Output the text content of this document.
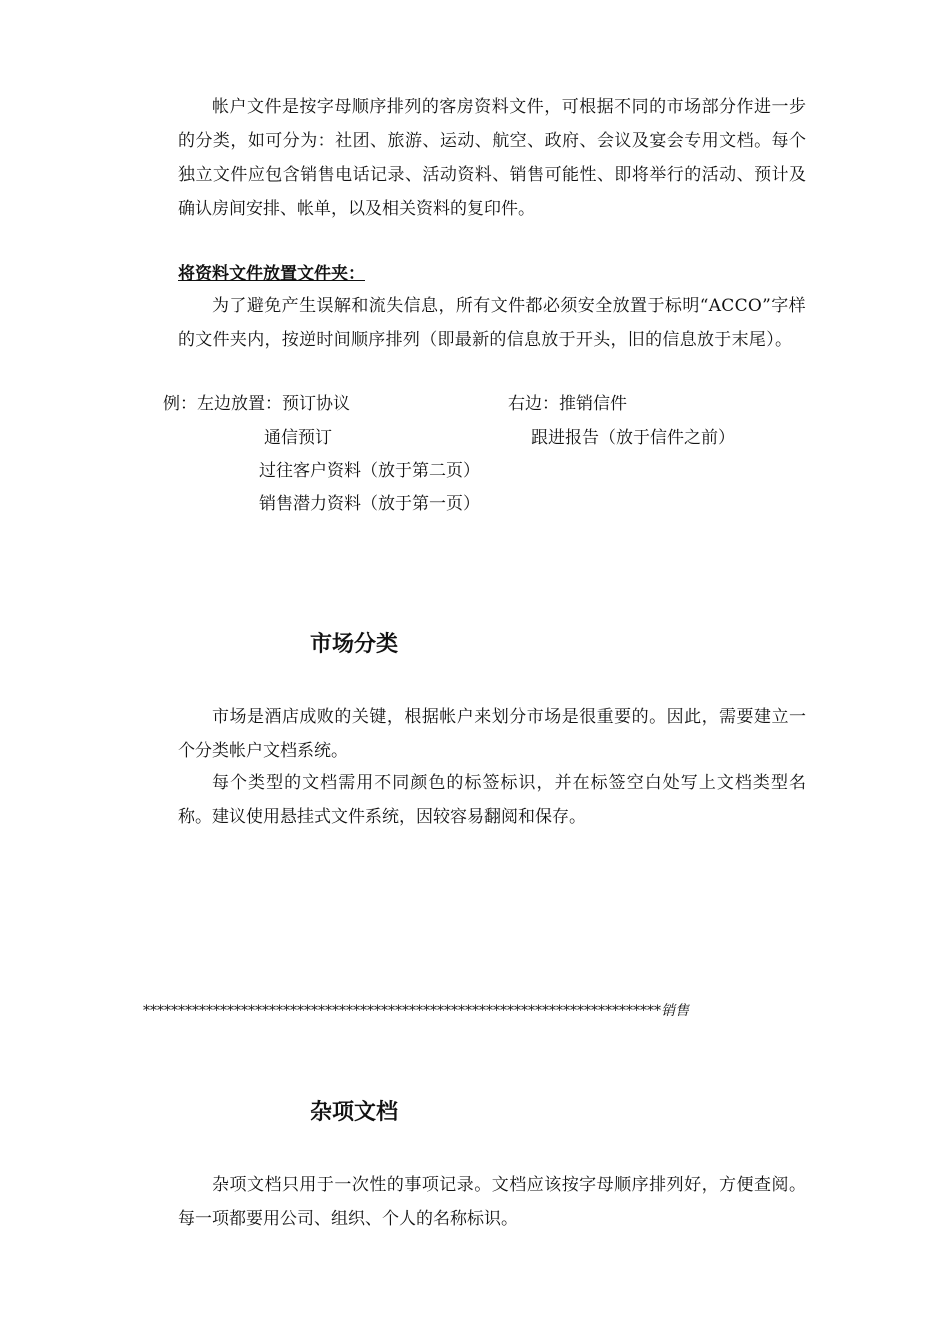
帐户文件是按字母顺序排列的客房资料文件，可根据不同的市场部分作进一步的分类，如可分为：社团、旅游、运动、航空、政府、会议及宴会专用文档。每个独立文件应包含销售电话记录、活动资料、销售可能性、即将举行的活动、预计及确认房间安排、帐单，以及相关资料的复印件。

将资料文件放置文件夹：

为了避免产生误解和流失信息，所有文件都必须安全放置于标明“ACCO”字样的文件夹内，按逆时间顺序排列（即最新的信息放于开头，旧的信息放于末尾）。

例：左边放置：预订协议	右边：推销信件

通信预订	跟进报告（放于信件之前）

过往客户资料（放于第二页）

销售潜力资料（放于第一页）

市场分类

市场是酒店成败的关键，根据帐户来划分市场是很重要的。因此，需要建立一个分类帐户文档系统。

每个类型的文档需用不同颜色的标签标识，并在标签空白处写上文档类型名称。建议使用悬挂式文件系统，因较容易翻阅和保存。

**************************************************************************销售

杂项文档

杂项文档只用于一次性的事项记录。文档应该按字母顺序排列好，方便查阅。每一项都要用公司、组织、个人的名称标识。
